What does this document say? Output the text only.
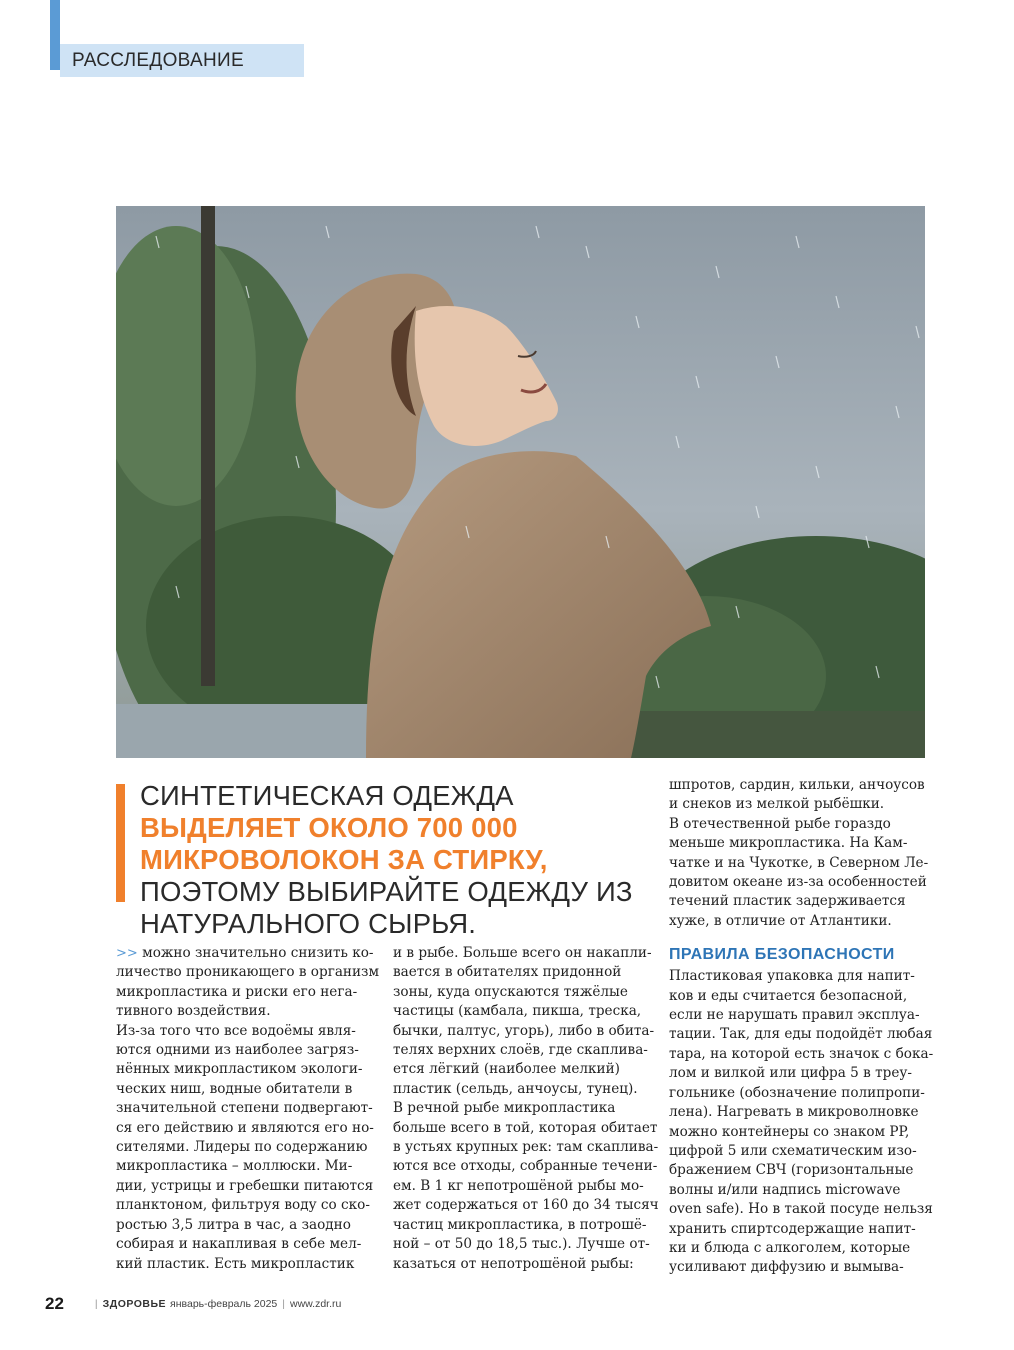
РАССЛЕДОВАНИЕ
СИНТЕТИЧЕСКАЯ ОДЕЖДА ВЫДЕЛЯЕТ ОКОЛО 700 000 МИКРОВОЛОКОН ЗА СТИРКУ, ПОЭТОМУ ВЫБИРАЙТЕ ОДЕЖДУ ИЗ НАТУРАЛЬНОГО СЫРЬЯ.
>> можно значительно снизить ко-
личество проникающего в организм
микропластика и риски его нега-
тивного воздействия.
Из-за того что все водоёмы явля-
ются одними из наиболее загряз-
нённых микропластиком экологи-
ческих ниш, водные обитатели в
значительной степени подвергают-
ся его действию и являются его но-
сителями. Лидеры по содержанию
микропластика – моллюски. Ми-
дии, устрицы и гребешки питаются
планктоном, фильтруя воду со ско-
ростью 3,5 литра в час, а заодно
собирая и накапливая в себе мел-
кий пластик. Есть микропластик
и в рыбе. Больше всего он накапли-
вается в обитателях придонной
зоны, куда опускаются тяжёлые
частицы (камбала, пикша, треска,
бычки, палтус, угорь), либо в обита-
телях верхних слоёв, где скаплива-
ется лёгкий (наиболее мелкий)
пластик (сельдь, анчоусы, тунец).
В речной рыбе микропластика
больше всего в той, которая обитает
в устьях крупных рек: там скаплива-
ются все отходы, собранные течени-
ем. В 1 кг непотрошёной рыбы мо-
жет содержаться от 160 до 34 тысяч
частиц микропластика, в потрошё-
ной – от 50 до 18,5 тыс.). Лучше от-
казаться от непотрошёной рыбы:
шпротов, сардин, кильки, анчоусов
и снеков из мелкой рыбёшки.
В отечественной рыбе гораздо
меньше микропластика. На Кам-
чатке и на Чукотке, в Северном Ле-
довитом океане из-за особенностей
течений пластик задерживается
хуже, в отличие от Атлантики.
ПРАВИЛА БЕЗОПАСНОСТИ
Пластиковая упаковка для напит-
ков и еды считается безопасной,
если не нарушать правил эксплуа-
тации. Так, для еды подойдёт любая
тара, на которой есть значок с бока-
лом и вилкой или цифра 5 в треу-
гольнике (обозначение полипропи-
лена). Нагревать в микроволновке
можно контейнеры со знаком PP,
цифрой 5 или схематическим изо-
бражением СВЧ (горизонтальные
волны и/или надпись microwave
oven safe). Но в такой посуде нельзя
хранить спиртсодержащие напит-
ки и блюда с алкоголем, которые
усиливают диффузию и вымыва-
22	| ЗДОРОВЬЕ январь-февраль 2025 | www.zdr.ru
